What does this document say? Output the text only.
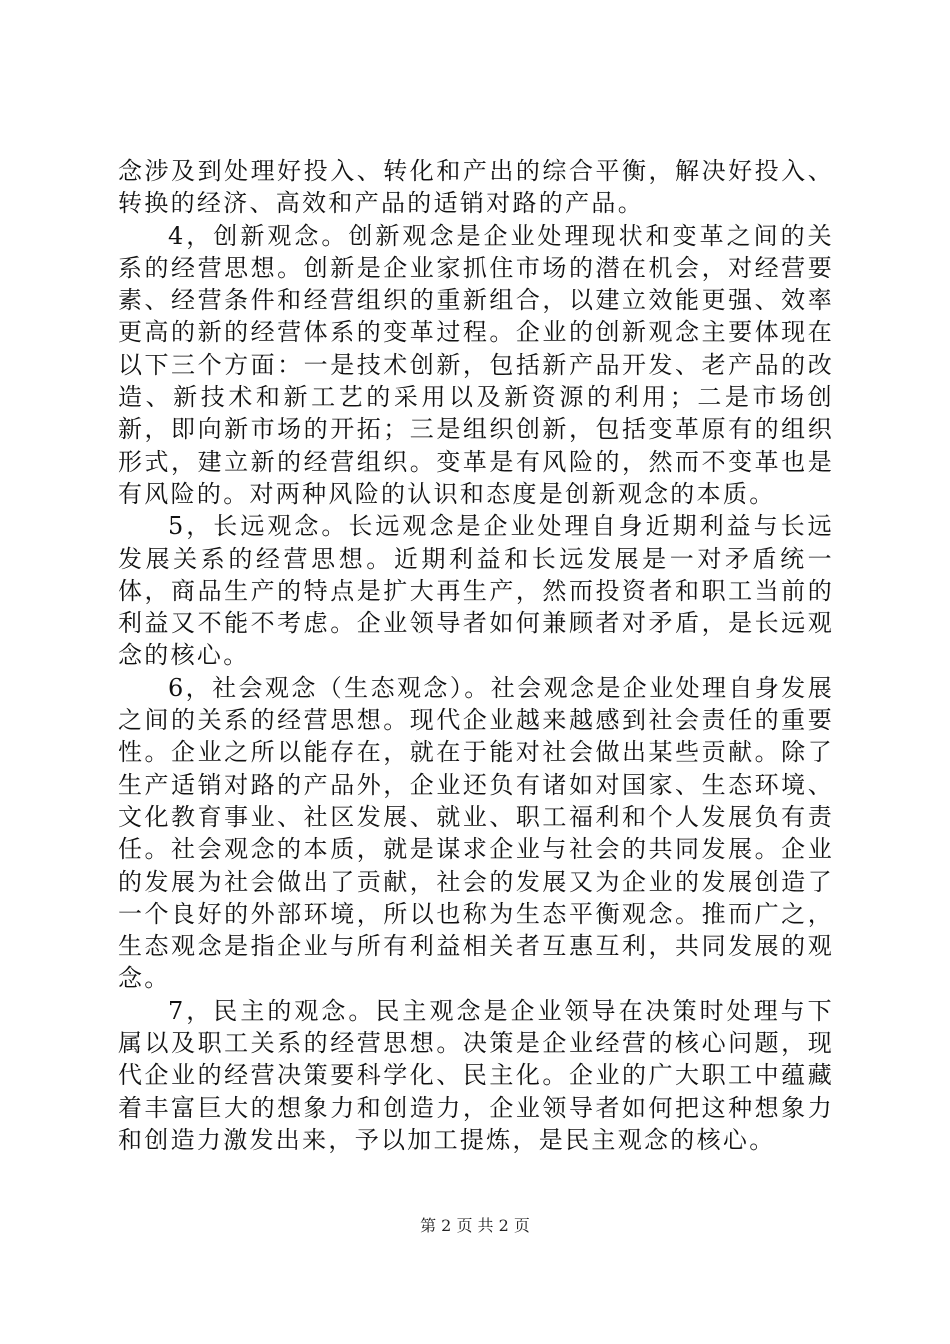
念涉及到处理好投入、转化和产出的综合平衡，解决好投入、转换的经济、高效和产品的适销对路的产品。

4，创新观念。创新观念是企业处理现状和变革之间的关系的经营思想。创新是企业家抓住市场的潜在机会，对经营要素、经营条件和经营组织的重新组合，以建立效能更强、效率更高的新的经营体系的变革过程。企业的创新观念主要体现在以下三个方面：一是技术创新，包括新产品开发、老产品的改造、新技术和新工艺的采用以及新资源的利用；二是市场创新，即向新市场的开拓；三是组织创新，包括变革原有的组织形式，建立新的经营组织。变革是有风险的，然而不变革也是有风险的。对两种风险的认识和态度是创新观念的本质。

5，长远观念。长远观念是企业处理自身近期利益与长远发展关系的经营思想。近期利益和长远发展是一对矛盾统一体，商品生产的特点是扩大再生产，然而投资者和职工当前的利益又不能不考虑。企业领导者如何兼顾者对矛盾，是长远观念的核心。

6，社会观念（生态观念）。社会观念是企业处理自身发展之间的关系的经营思想。现代企业越来越感到社会责任的重要性。企业之所以能存在，就在于能对社会做出某些贡献。除了生产适销对路的产品外，企业还负有诸如对国家、生态环境、文化教育事业、社区发展、就业、职工福利和个人发展负有责任。社会观念的本质，就是谋求企业与社会的共同发展。企业的发展为社会做出了贡献，社会的发展又为企业的发展创造了一个良好的外部环境，所以也称为生态平衡观念。推而广之，生态观念是指企业与所有利益相关者互惠互利，共同发展的观念。

7，民主的观念。民主观念是企业领导在决策时处理与下属以及职工关系的经营思想。决策是企业经营的核心问题，现代企业的经营决策要科学化、民主化。企业的广大职工中蕴藏着丰富巨大的想象力和创造力，企业领导者如何把这种想象力和创造力激发出来，予以加工提炼，是民主观念的核心。

第 2 页 共 2 页
